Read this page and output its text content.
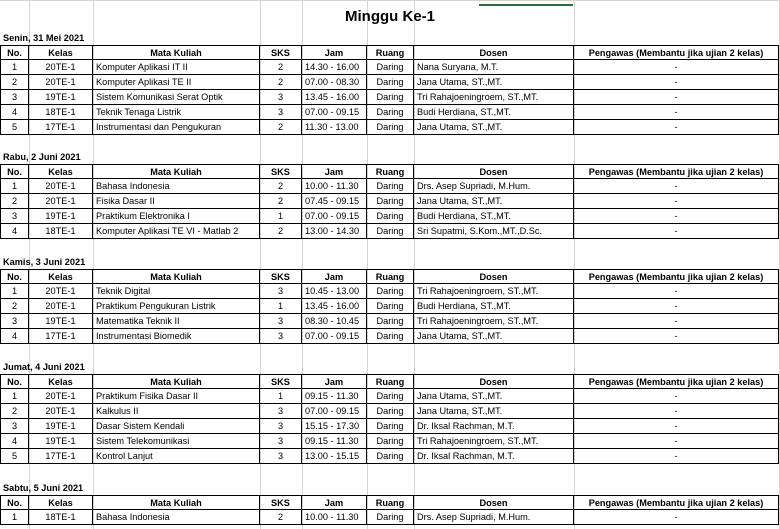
Minggu Ke-1
Senin, 31 Mei 2021
No.	Kelas	Mata Kuliah	SKS	Jam	Ruang	Dosen	Pengawas (Membantu jika ujian 2 kelas)
1	20TE-1	Komputer Aplikasi IT II	2	14.30 - 16.00	Daring	Nana Suryana, M.T.	-
2	20TE-1	Komputer Aplikasi TE II	2	07.00 - 08.30	Daring	Jana Utama, ST.,MT.	-
3	19TE-1	Sistem Komunikasi Serat Optik	3	13.45 - 16.00	Daring	Tri Rahajoeningroem, ST.,MT.	-
4	18TE-1	Teknik Tenaga Listrik	3	07.00 - 09.15	Daring	Budi Herdiana, ST.,MT.	-
5	17TE-1	Instrumentasi dan Pengukuran	2	11.30 - 13.00	Daring	Jana Utama, ST.,MT.	-
Rabu, 2 Juni 2021
No.	Kelas	Mata Kuliah	SKS	Jam	Ruang	Dosen	Pengawas (Membantu jika ujian 2 kelas)
1	20TE-1	Bahasa Indonesia	2	10.00 - 11.30	Daring	Drs. Asep Supriadi, M.Hum.	-
2	20TE-1	Fisika Dasar II	2	07.45 - 09.15	Daring	Jana Utama, ST.,MT.	-
3	19TE-1	Praktikum Elektronika I	1	07.00 - 09.15	Daring	Budi Herdiana, ST.,MT.	-
4	18TE-1	Komputer Aplikasi TE VI - Matlab 2	2	13.00 - 14.30	Daring	Sri Supatmi, S.Kom.,MT.,D.Sc.	-
Kamis, 3 Juni 2021
No.	Kelas	Mata Kuliah	SKS	Jam	Ruang	Dosen	Pengawas (Membantu jika ujian 2 kelas)
1	20TE-1	Teknik Digital	3	10.45 - 13.00	Daring	Tri Rahajoeningroem, ST.,MT.	-
2	20TE-1	Praktikum Pengukuran Listrik	1	13.45 - 16.00	Daring	Budi Herdiana, ST.,MT.	-
3	19TE-1	Matematika Teknik II	3	08.30 - 10.45	Daring	Tri Rahajoeningroem, ST.,MT.	-
4	17TE-1	Instrumentasi Biomedik	3	07.00 - 09.15	Daring	Jana Utama, ST.,MT.	-
Jumat, 4 Juni 2021
No.	Kelas	Mata Kuliah	SKS	Jam	Ruang	Dosen	Pengawas (Membantu jika ujian 2 kelas)
1	20TE-1	Praktikum Fisika Dasar II	1	09.15 - 11.30	Daring	Jana Utama, ST.,MT.	-
2	20TE-1	Kalkulus II	3	07.00 - 09.15	Daring	Jana Utama, ST.,MT.	-
3	19TE-1	Dasar Sistem Kendali	3	15.15 - 17.30	Daring	Dr. Iksal Rachman, M.T.	-
4	19TE-1	Sistem Telekomunikasi	3	09.15 - 11.30	Daring	Tri Rahajoeningroem, ST.,MT.	-
5	17TE-1	Kontrol Lanjut	3	13.00 - 15.15	Daring	Dr. Iksal Rachman, M.T.	-
Sabtu, 5 Juni 2021
No.	Kelas	Mata Kuliah	SKS	Jam	Ruang	Dosen	Pengawas (Membantu jika ujian 2 kelas)
1	18TE-1	Bahasa Indonesia	2	10.00 - 11.30	Daring	Drs. Asep Supriadi, M.Hum.	-
